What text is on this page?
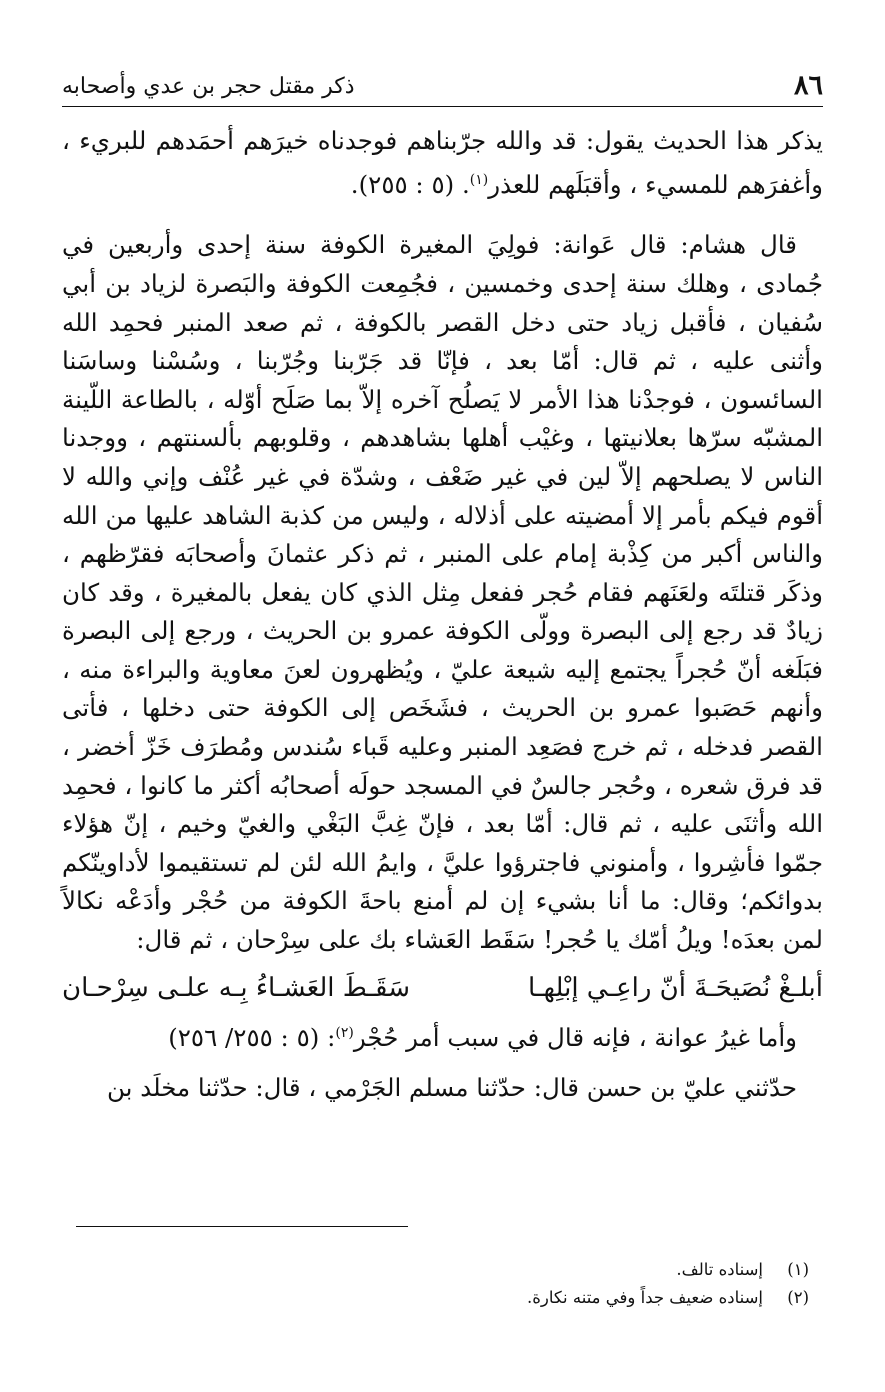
٨٦
ذكر مقتل حجر بن عدي وأصحابه

يذكر هذا الحديث يقول: قد والله جرّبناهم فوجدناه خيرَهم أحمَدهم للبريء ، وأغفرَهم للمسيء ، وأقبَلَهم للعذر$^{(١)}$. (٥ : ٢٥٥).

قال هشام: قال عَوانة: فولِيَ المغيرة الكوفة سنة إحدى وأربعين في جُمادى ، وهلك سنة إحدى وخمسين ، فجُمِعت الكوفة والبَصرة لزياد بن أبي سُفيان ، فأقبل زياد حتى دخل القصر بالكوفة ، ثم صعد المنبر فحمِد الله وأثنى عليه ، ثم قال: أمّا بعد ، فإنّا قد جَرّبنا وجُرّبنا ، وسُسْنا وساسَنا السائسون ، فوجدْنا هذا الأمر لا يَصلُح آخره إلاّ بما صَلَح أوّله ، بالطاعة اللّينة المشبّه سرّها بعلانيتها ، وغيْب أهلها بشاهدهم ، وقلوبهم بألسنتهم ، ووجدنا الناس لا يصلحهم إلاّ لين في غير ضَعْف ، وشدّة في غير عُنْف وإني والله لا أقوم فيكم بأمر إلا أمضيته على أذلاله ، وليس من كذبة الشاهد عليها من الله والناس أكبر من كِذْبة إمام على المنبر ، ثم ذكر عثمانَ وأصحابَه فقرّظهم ، وذكَر قتلتَه ولعَنَهم فقام حُجر ففعل مِثل الذي كان يفعل بالمغيرة ، وقد كان زيادٌ قد رجع إلى البصرة وولّى الكوفة عمرو بن الحريث ، ورجع إلى البصرة فبَلَغه أنّ حُجراً يجتمع إليه شيعة عليّ ، ويُظهرون لعنَ معاوية والبراءة منه ، وأنهم حَصَبوا عمرو بن الحريث ، فشَخَص إلى الكوفة حتى دخلها ، فأتى القصر فدخله ، ثم خرج فصَعِد المنبر وعليه قَباء سُندس ومُطرَف خَزّ أخضر ، قد فرق شعره ، وحُجر جالسٌ في المسجد حولَه أصحابُه أكثر ما كانوا ، فحمِد الله وأثنَى عليه ، ثم قال: أمّا بعد ، فإنّ غِبَّ البَغْي والغيّ وخيم ، إنّ هؤلاء جمّوا فأشِروا ، وأمنوني فاجترؤوا عليَّ ، وايمُ الله لئن لم تستقيموا لأداوينّكم بدوائكم؛ وقال: ما أنا بشيء إن لم أمنع باحةَ الكوفة من حُجْر وأدَعْه نكالاً لمن بعدَه! ويلُ أمّك يا حُجر! سَقَط العَشاء بك على سِرْحان ، ثم قال:

أبلـغْ نُصَيحَـةَ أنّ راعِـي إبْلِهـا
سَقَـطَ العَشـاءُ بِـه علـى سِرْحـان

وأما غيرُ عوانة ، فإنه قال في سبب أمر حُجْر$^{(٢)}$: (٥ : ٢٥٥/ ٢٥٦)

حدّثني عليّ بن حسن قال: حدّثنا مسلم الجَرْمي ، قال: حدّثنا مخلَد بن

(١)
إسناده تالف.
(٢)
إسناده ضعيف جداً وفي متنه نكارة.
